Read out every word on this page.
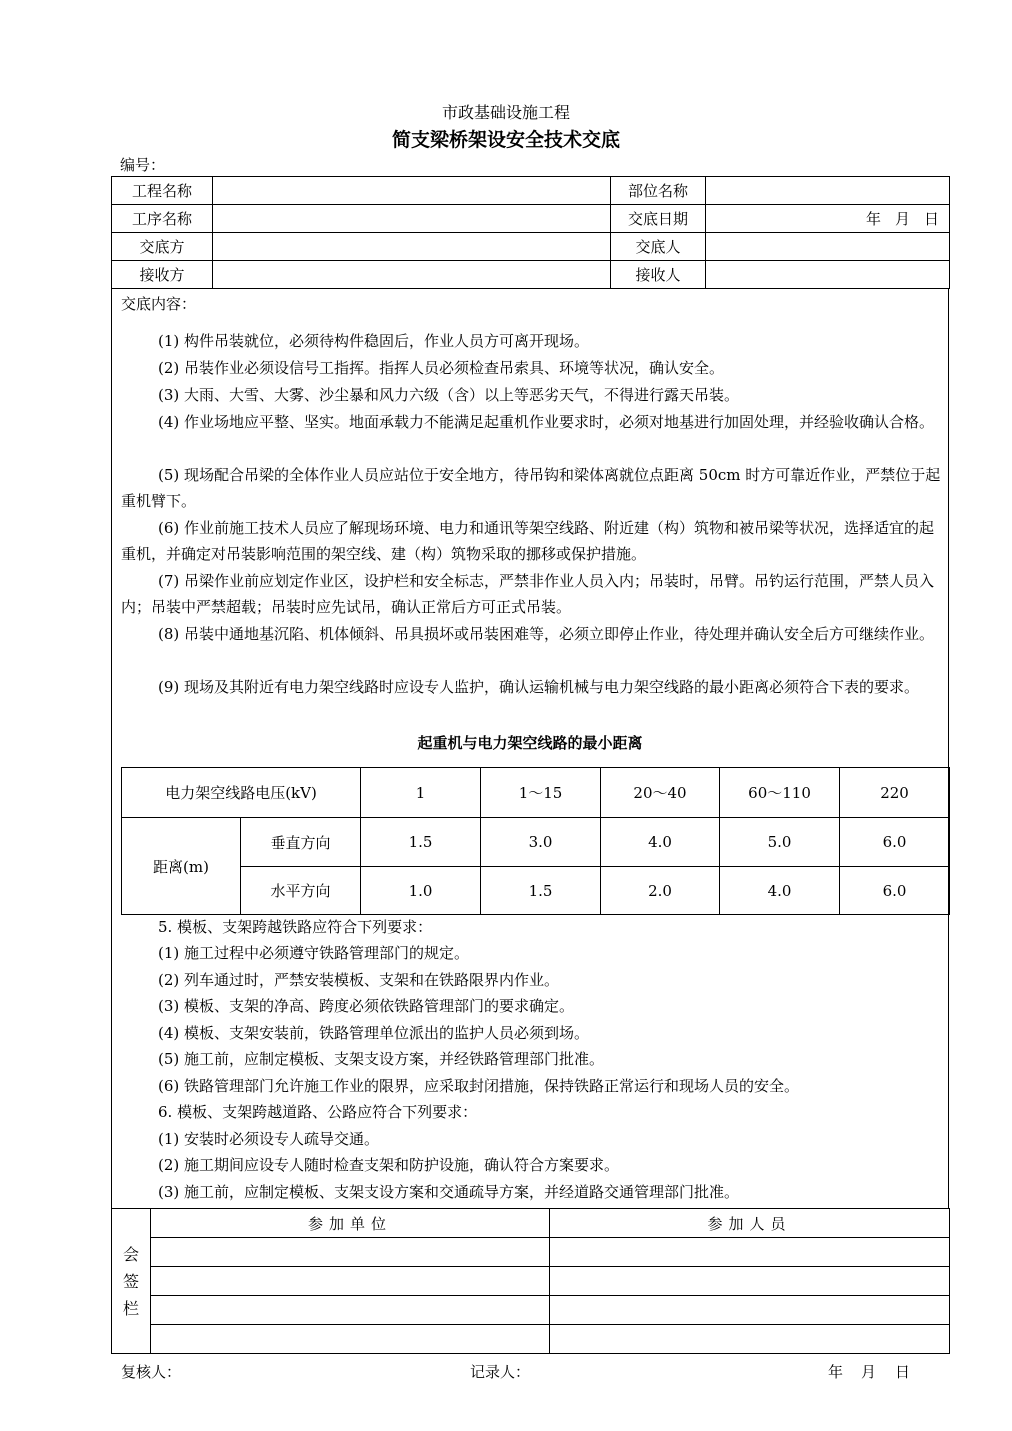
市政基础设施工程
简支梁桥架设安全技术交底
编号：
工程名称		部位名称	
工序名称		交底日期	年 月 日
交底方		交底人	
接收方		接收人	
交底内容：
(1) 构件吊装就位，必须待构件稳固后，作业人员方可离开现场。
(2) 吊装作业必须设信号工指挥。指挥人员必须检查吊索具、环境等状况，确认安全。
(3) 大雨、大雪、大雾、沙尘暴和风力六级（含）以上等恶劣天气，不得进行露天吊装。
(4) 作业场地应平整、坚实。地面承载力不能满足起重机作业要求时，必须对地基进行加固处理，并经验收确认合格。
(5) 现场配合吊梁的全体作业人员应站位于安全地方，待吊钩和梁体离就位点距离 50cm 时方可靠近作业，严禁位于起重机臂下。
(6) 作业前施工技术人员应了解现场环境、电力和通讯等架空线路、附近建（构）筑物和被吊梁等状况，选择适宜的起重机，并确定对吊装影响范围的架空线、建（构）筑物采取的挪移或保护措施。
(7) 吊梁作业前应划定作业区，设护栏和安全标志，严禁非作业人员入内；吊装时，吊臂。吊钓运行范围，严禁人员入内；吊装中严禁超载；吊装时应先试吊，确认正常后方可正式吊装。
(8) 吊装中通地基沉陷、机体倾斜、吊具损坏或吊装困难等，必须立即停止作业，待处理并确认安全后方可继续作业。
(9) 现场及其附近有电力架空线路时应设专人监护，确认运输机械与电力架空线路的最小距离必须符合下表的要求。
起重机与电力架空线路的最小距离
电力架空线路电压(kV)		1	1～15	20～40	60～110	220
距离(m)	垂直方向	1.5	3.0	4.0	5.0	6.0
	水平方向	1.0	1.5	2.0	4.0	6.0
5. 模板、支架跨越铁路应符合下列要求：
(1) 施工过程中必须遵守铁路管理部门的规定。
(2) 列车通过时，严禁安装模板、支架和在铁路限界内作业。
(3) 模板、支架的净高、跨度必须依铁路管理部门的要求确定。
(4) 模板、支架安装前，铁路管理单位派出的监护人员必须到场。
(5) 施工前，应制定模板、支架支设方案，并经铁路管理部门批准。
(6) 铁路管理部门允许施工作业的限界，应采取封闭措施，保持铁路正常运行和现场人员的安全。
6. 模板、支架跨越道路、公路应符合下列要求：
(1) 安装时必须设专人疏导交通。
(2) 施工期间应设专人随时检查支架和防护设施，确认符合方案要求。
(3) 施工前，应制定模板、支架支设方案和交通疏导方案，并经道路交通管理部门批准。
会
签
栏	参加单位	参加人员

复核人：	记录人：	年 月 日
